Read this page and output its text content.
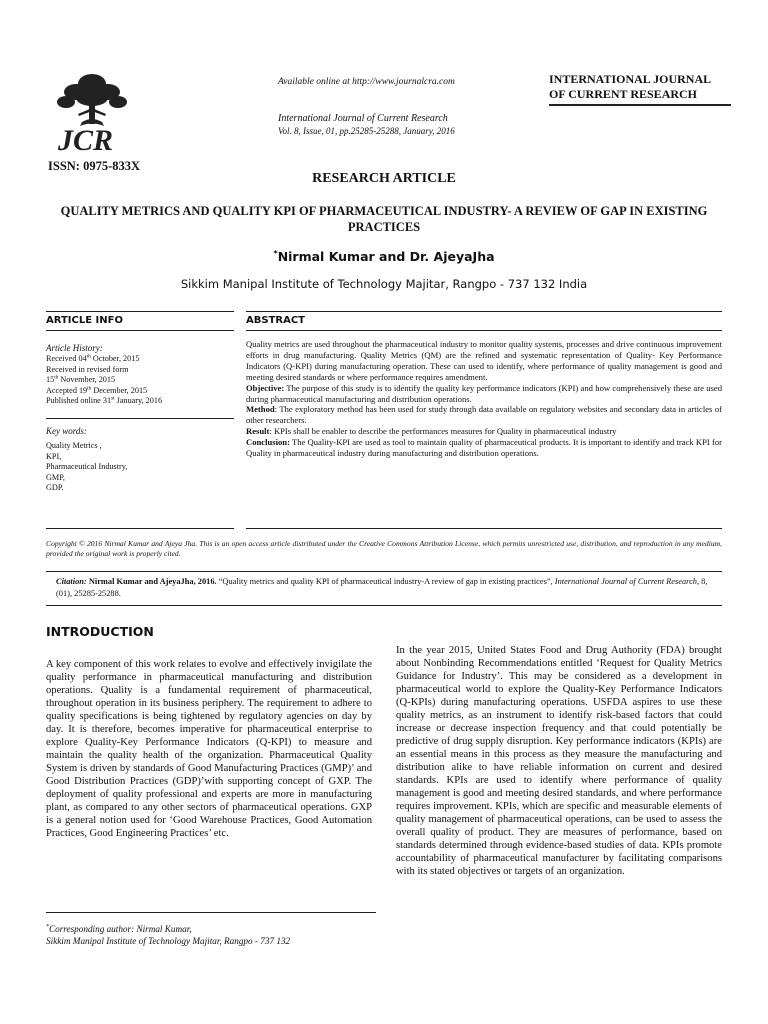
JCR
Available online at http://www.journalcra.com
International Journal of Current Research
Vol. 8, Issue, 01, pp.25285-25288, January, 2016
INTERNATIONAL JOURNAL
OF CURRENT RESEARCH
ISSN: 0975-833X
RESEARCH ARTICLE
QUALITY METRICS AND QUALITY KPI OF PHARMACEUTICAL INDUSTRY- A REVIEW OF GAP IN EXISTING PRACTICES
*Nirmal Kumar and Dr. AjeyaJha
Sikkim Manipal Institute of Technology Majitar, Rangpo - 737 132 India
ARTICLE INFO	ABSTRACT
Article History:
Received 04th October, 2015
Received in revised form
15th November, 2015
Accepted 19th December, 2015
Published online 31st January, 2016
Key words:
Quality Metrics ,
KPI,
Pharmaceutical Industry,
GMP,
GDP.

Quality metrics are used throughout the pharmaceutical industry to monitor quality systems, processes and drive continuous improvement efforts in drug manufacturing. Quality Metrics (QM) are the refined and systematic representation of Quality- Key Performance Indicators (Q-KPI) during manufacturing operation. These can used to identify, where performance of quality management is good and meeting desired standards or where performance requires amendment.

Objective: The purpose of this study is to identify the quality key performance indicators (KPI) and how comprehensively these are used during pharmaceutical manufacturing and distribution operations.

Method: The exploratory method has been used for study through data available on regulatory websites and secondary data in articles of other researchers.

Result: KPIs shall be enabler to describe the performances measures for Quality in pharmaceutical industry

Conclusion: The Quality-KPI are used as tool to maintain quality of pharmaceutical products. It is important to identify and track KPI for Quality in pharmaceutical industry during manufacturing and distribution operations.

Copyright © 2016 Nirmal Kumar and Ajeya Jha. This is an open access article distributed under the Creative Commons Attribution License, which permits unrestricted use, distribution, and reproduction in any medium, provided the original work is properly cited.
Citation: Nirmal Kumar and AjeyaJha, 2016. “Quality metrics and quality KPI of pharmaceutical industry-A review of gap in existing practices”, International Journal of Current Research, 8, (01), 25285-25288.
INTRODUCTION

A key component of this work relates to evolve and effectively invigilate the quality performance in pharmaceutical manufacturing and distribution operations. Quality is a fundamental requirement of pharmaceutical, throughout operation in its business periphery. The requirement to adhere to quality specifications is being tightened by regulatory agencies on day by day. It is therefore, becomes imperative for pharmaceutical enterprise to explore Quality-Key Performance Indicators (Q-KPI) to measure and maintain the quality health of the organization. Pharmaceutical Quality System is driven by standards of Good Manufacturing Practices (GMP)’ and Good Distribution Practices (GDP)’with supporting concept of GXP. The deployment of quality professional and experts are more in manufacturing plant, as compared to any other sectors of pharmaceutical operations. GXP is a general notion used for ‘Good Warehouse Practices, Good Automation Practices, Good Engineering Practices’ etc.

In the year 2015, United States Food and Drug Authority (FDA) brought about Nonbinding Recommendations entitled ‘Request for Quality Metrics Guidance for Industry’. This may be considered as a development in pharmaceutical world to explore the Quality-Key Performance Indicators (Q-KPIs) during manufacturing operations. USFDA aspires to use these quality metrics, as an instrument to identify risk-based factors that could increase or decrease inspection frequency and that could potentially be predictive of drug supply disruption. Key performance indicators (KPIs) are an essential means in this process as they measure the manufacturing and distribution alike to have reliable information on current and desired standards. KPIs are used to identify where performance of quality management is good and meeting desired standards, and where performance requires improvement. KPIs, which are specific and measurable elements of quality management of pharmaceutical operations, can be used to assess the overall quality of product. They are measures of performance, based on standards determined through evidence-based studies of data. KPIs promote accountability of pharmaceutical manufacturer by facilitating comparisons with its stated objectives or targets of an organization.

*Corresponding author: Nirmal Kumar,
Sikkim Manipal Institute of Technology Majitar, Rangpo - 737 132
